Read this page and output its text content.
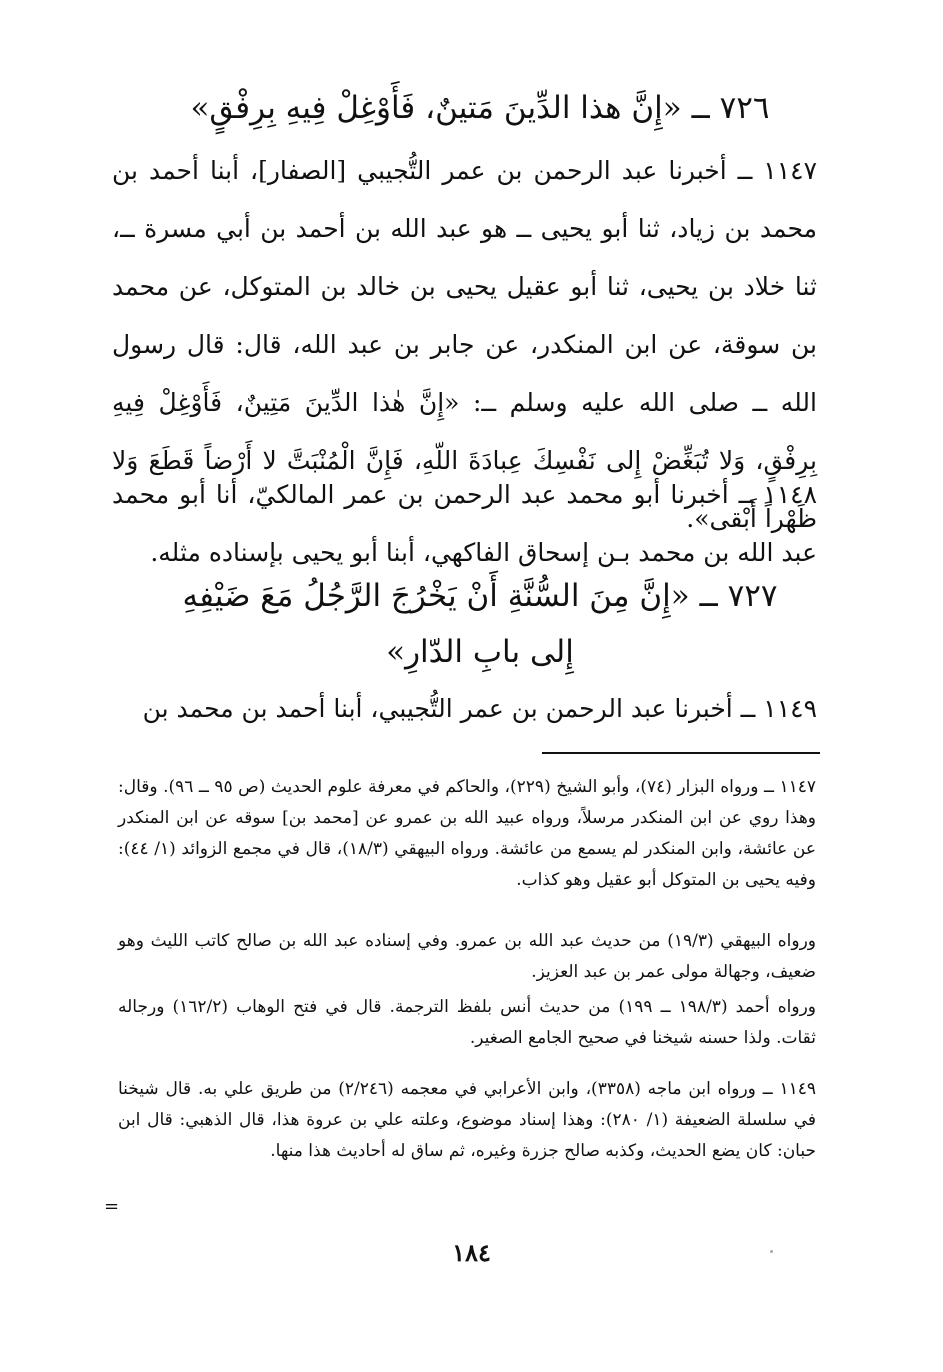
٧٢٦ ــ «إِنَّ هذا الدِّينَ مَتينٌ، فَأَوْغِلْ فِيهِ بِرِفْقٍ»
١١٤٧ ــ أخبرنا عبد الرحمن بن عمر التُّجيبي [الصفار]، أبنا أحمد بن محمد بن زياد، ثنا أبو يحيى ــ هو عبد الله بن أحمد بن أبي مسرة ــ، ثنا خلاد بن يحيى، ثنا أبو عقيل يحيى بن خالد بن المتوكل، عن محمد بن سوقة، عن ابن المنكدر، عن جابر بن عبد الله، قال: قال رسول الله ــ صلى الله عليه وسلم ــ: «إِنَّ هٰذا الدِّينَ مَتِينٌ، فَأَوْغِلْ فِيهِ بِرِفْقٍ، وَلا تُبَغِّضْ إِلى نَفْسِكَ عِبادَةَ اللّهِ، فَإِنَّ الْمُنْبَتَّ لا أَرْضاً قَطَعَ وَلا ظَهْراً أَبْقى».
١١٤٨ ــ أخبرنا أبو محمد عبد الرحمن بن عمر المالكيّ، أنا أبو محمد عبد الله بن محمد بـن إسحاق الفاكهي، أبنا أبو يحيى بإسناده مثله.
٧٢٧ ــ «إِنَّ مِنَ السُّنَّةِ أَنْ يَخْرُجَ الرَّجُلُ مَعَ ضَيْفِهِ
إِلى بابِ الدّارِ»
١١٤٩ ــ أخبرنا عبد الرحمن بن عمر التُّجيبي، أبنا أحمد بن محمد بن
١١٤٧ ــ ورواه البزار (٧٤)، وأبو الشيخ (٢٢٩)، والحاكم في معرفة علوم الحديث (ص ٩٥ ــ ٩٦). وقال: وهذا روي عن ابن المنكدر مرسلاً، ورواه عبيد الله بن عمرو عن [محمد بن] سوقه عن ابن المنكدر عن عائشة، وابن المنكدر لم يسمع من عائشة. ورواه البيهقي (١٨/٣)، قال في مجمع الزوائد (١/ ٤٤): وفيه يحيى بن المتوكل أبو عقيل وهو كذاب.
ورواه البيهقي (١٩/٣) من حديث عبد الله بن عمرو. وفي إسناده عبد الله بن صالح كاتب الليث وهو ضعيف، وجهالة مولى عمر بن عبد العزيز.
ورواه أحمد (١٩٨/٣ ــ ١٩٩) من حديث أنس بلفظ الترجمة. قال في فتح الوهاب (١٦٢/٢) ورجاله ثقات. ولذا حسنه شيخنا في صحيح الجامع الصغير.
١١٤٩ ــ ورواه ابن ماجه (٣٣٥٨)، وابن الأعرابي في معجمه (٢/٢٤٦) من طريق علي به. قال شيخنا في سلسلة الضعيفة (١/ ٢٨٠): وهذا إسناد موضوع، وعلته علي بن عروة هذا، قال الذهبي: قال ابن حبان: كان يضع الحديث، وكذبه صالح جزرة وغيره، ثم ساق له أحاديث هذا منها.
=
١٨٤
